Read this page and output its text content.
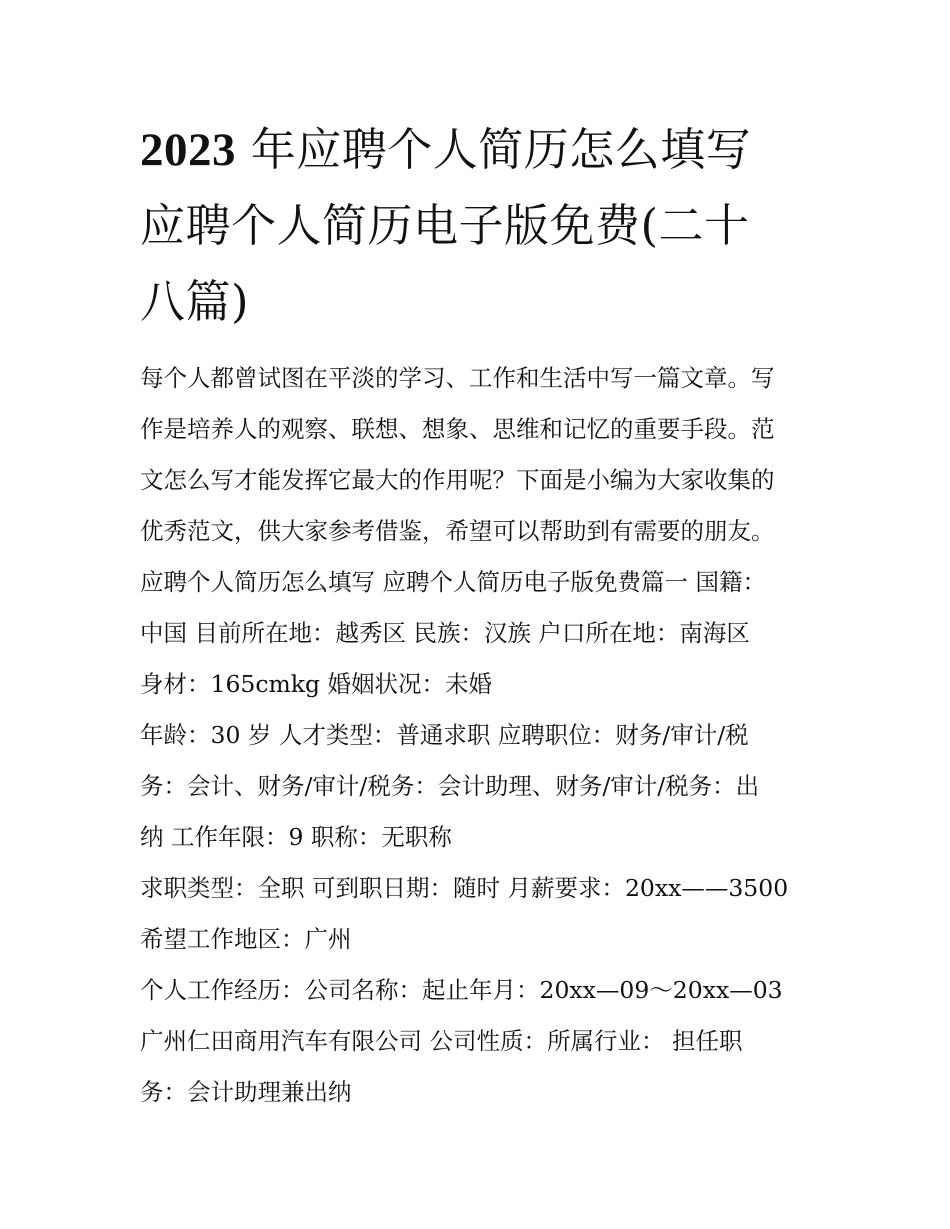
2023 年应聘个人简历怎么填写
应聘个人简历电子版免费(二十
八篇)
每个人都曾试图在平淡的学习、工作和生活中写一篇文章。写
作是培养人的观察、联想、想象、思维和记忆的重要手段。范
文怎么写才能发挥它最大的作用呢？下面是小编为大家收集的
优秀范文，供大家参考借鉴，希望可以帮助到有需要的朋友。
应聘个人简历怎么填写 应聘个人简历电子版免费篇一 国籍：
中国 目前所在地：越秀区 民族：汉族 户口所在地：南海区
身材：165cmkg 婚姻状况：未婚
年龄：30 岁 人才类型：普通求职 应聘职位：财务/审计/税
务：会计、财务/审计/税务：会计助理、财务/审计/税务：出
纳 工作年限：9 职称：无职称
求职类型：全职 可到职日期：随时 月薪要求：20xx——3500
希望工作地区：广州
个人工作经历：公司名称：起止年月：20xx—09～20xx—03
广州仁田商用汽车有限公司 公司性质：所属行业： 担任职
务：会计助理兼出纳
